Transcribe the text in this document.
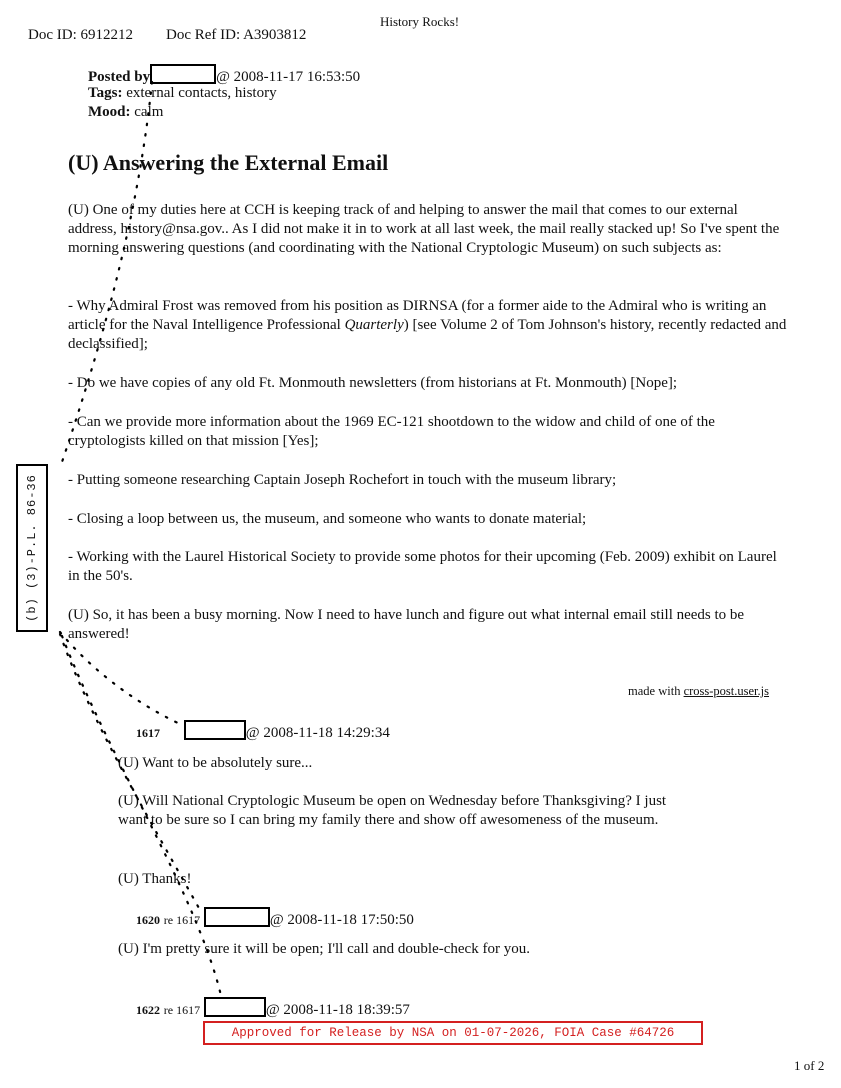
Doc ID: 6912212 Doc Ref ID: A3903812
History Rocks!
Posted by	@ 2008-11-17 16:53:50
Tags: external contacts, history
Mood: calm
(U) Answering the External Email
(U) One of my duties here at CCH is keeping track of and helping to answer the mail that comes to our external address, history@nsa.gov.. As I did not make it in to work at all last week, the mail really stacked up! So I've spent the morning answering questions (and coordinating with the National Cryptologic Museum) on such subjects as:
- Why Admiral Frost was removed from his position as DIRNSA (for a former aide to the Admiral who is writing an article for the Naval Intelligence Professional Quarterly) [see Volume 2 of Tom Johnson's history, recently redacted and declassified];
- Do we have copies of any old Ft. Monmouth newsletters (from historians at Ft. Monmouth) [Nope];
- Can we provide more information about the 1969 EC-121 shootdown to the widow and child of one of the cryptologists killed on that mission [Yes];
- Putting someone researching Captain Joseph Rochefort in touch with the museum library;
- Closing a loop between us, the museum, and someone who wants to donate material;
- Working with the Laurel Historical Society to provide some photos for their upcoming (Feb. 2009) exhibit on Laurel in the 50's.
(U) So, it has been a busy morning. Now I need to have lunch and figure out what internal email still needs to be answered!
made with cross-post.user.js
1617	@ 2008-11-18 14:29:34
(U) Want to be absolutely sure...
(U) Will National Cryptologic Museum be open on Wednesday before Thanksgiving? I just want to be sure so I can bring my family there and show off awesomeness of the museum.
(U) Thanks!
1620 re 1617	@ 2008-11-18 17:50:50
(U) I'm pretty sure it will be open; I'll call and double-check for you.
1622 re 1617	@ 2008-11-18 18:39:57
(b) (3)-P.L. 86-36
Approved for Release by NSA on 01-07-2026, FOIA Case #64726
1 of 2
